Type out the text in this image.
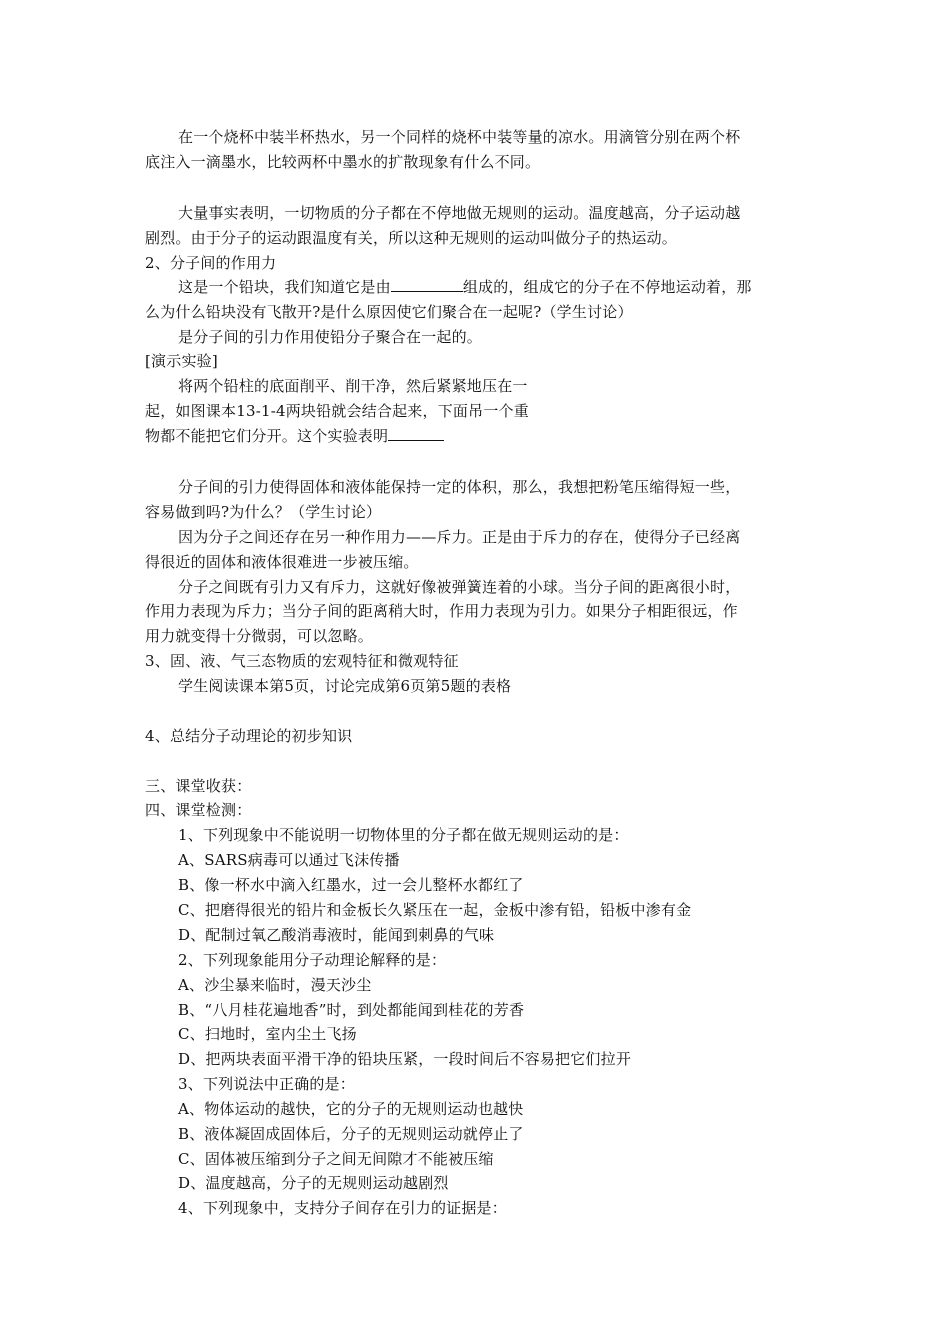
在一个烧杯中装半杯热水，另一个同样的烧杯中装等量的凉水。用滴管分别在两个杯
底注入一滴墨水，比较两杯中墨水的扩散现象有什么不同。
大量事实表明，一切物质的分子都在不停地做无规则的运动。温度越高，分子运动越
剧烈。由于分子的运动跟温度有关，所以这种无规则的运动叫做分子的热运动。
2、分子间的作用力
这是一个铅块，我们知道它是由	组成的，组成它的分子在不停地运动着，那
么为什么铅块没有飞散开?是什么原因使它们聚合在一起呢?（学生讨论）
是分子间的引力作用使铅分子聚合在一起的。
[演示实验]
将两个铅柱的底面削平、削干净，然后紧紧地压在一
起，如图课本13-1-4两块铅就会结合起来，下面吊一个重
物都不能把它们分开。这个实验表明
分子间的引力使得固体和液体能保持一定的体积，那么，我想把粉笔压缩得短一些，
容易做到吗?为什么？（学生讨论）
因为分子之间还存在另一种作用力——斥力。正是由于斥力的存在，使得分子已经离
得很近的固体和液体很难进一步被压缩。
分子之间既有引力又有斥力，这就好像被弹簧连着的小球。当分子间的距离很小时，
作用力表现为斥力；当分子间的距离稍大时，作用力表现为引力。如果分子相距很远，作
用力就变得十分微弱，可以忽略。
3、固、液、气三态物质的宏观特征和微观特征
学生阅读课本第5页，讨论完成第6页第5题的表格
4、总结分子动理论的初步知识
三、课堂收获：
四、课堂检测：
1、下列现象中不能说明一切物体里的分子都在做无规则运动的是：
A、SARS病毒可以通过飞沫传播
B、像一杯水中滴入红墨水，过一会儿整杯水都红了
C、把磨得很光的铅片和金板长久紧压在一起，金板中渗有铅，铅板中渗有金
D、配制过氧乙酸消毒液时，能闻到刺鼻的气味
2、下列现象能用分子动理论解释的是：
A、沙尘暴来临时，漫天沙尘
B、“八月桂花遍地香”时，到处都能闻到桂花的芳香
C、扫地时，室内尘土飞扬
D、把两块表面平滑干净的铅块压紧，一段时间后不容易把它们拉开
3、下列说法中正确的是：
A、物体运动的越快，它的分子的无规则运动也越快
B、液体凝固成固体后，分子的无规则运动就停止了
C、固体被压缩到分子之间无间隙才不能被压缩
D、温度越高，分子的无规则运动越剧烈
4、下列现象中，支持分子间存在引力的证据是：
